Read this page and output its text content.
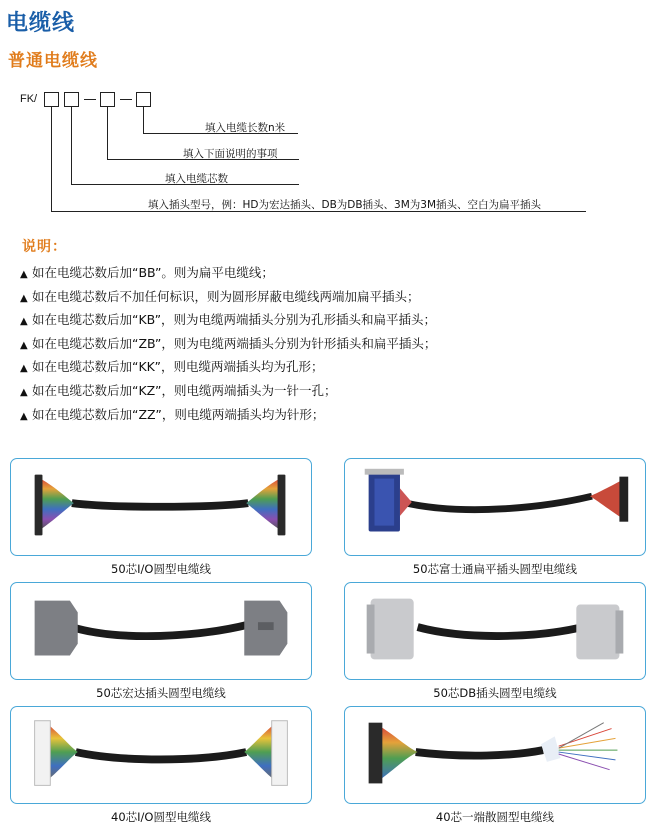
电缆线
普通电缆线
FK/
填入电缆长数n米
填入下面说明的事项
填入电缆芯数
填入插头型号，例：HD为宏达插头、DB为DB插头、3M为3M插头、空白为扁平插头
说明：
▲ 如在电缆芯数后加“BB”。则为扁平电缆线；
▲ 如在电缆芯数后不加任何标识，则为圆形屏蔽电缆线两端加扁平插头；
▲ 如在电缆芯数后加“KB”，则为电缆两端插头分别为孔形插头和扁平插头；
▲ 如在电缆芯数后加“ZB”，则为电缆两端插头分别为针形插头和扁平插头；
▲ 如在电缆芯数后加“KK”，则电缆两端插头均为孔形；
▲ 如在电缆芯数后加“KZ”，则电缆两端插头为一针一孔；
▲ 如在电缆芯数后加“ZZ”，则电缆两端插头均为针形；
50芯I/O圆型电缆线	50芯富士通扁平插头圆型电缆线
50芯宏达插头圆型电缆线	50芯DB插头圆型电缆线
40芯I/O圆型电缆线	40芯一端散圆型电缆线
